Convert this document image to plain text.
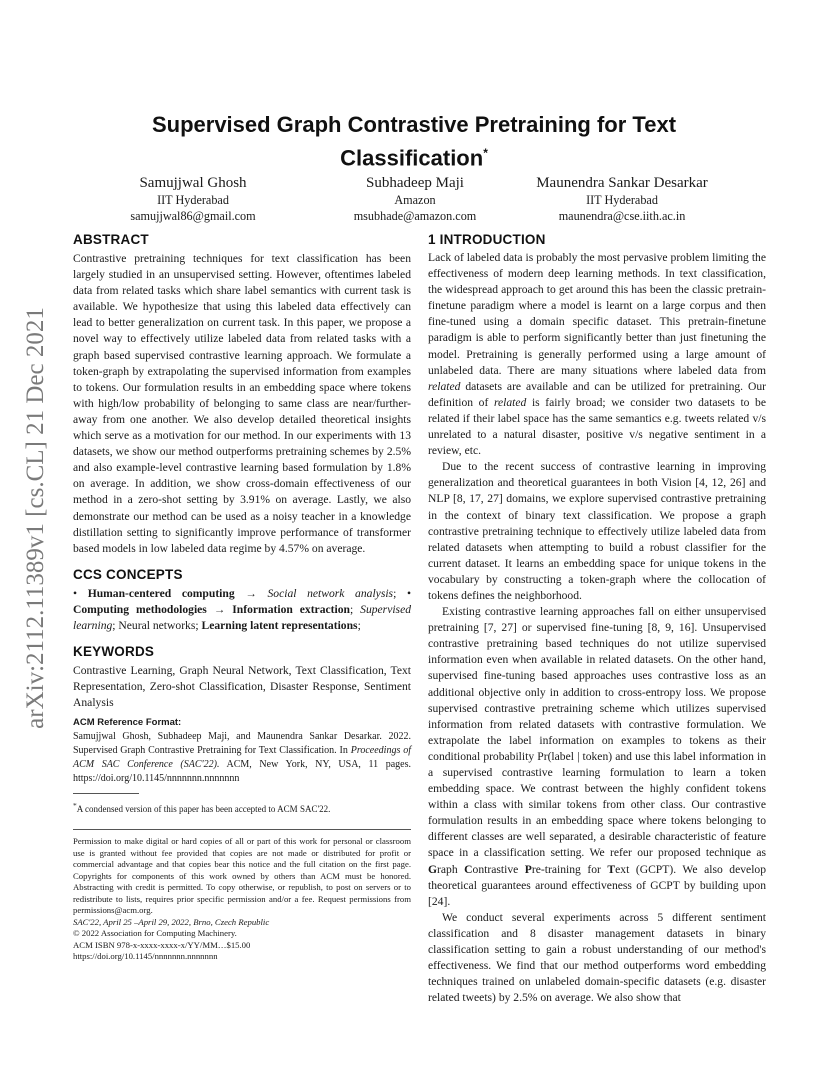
arXiv:2112.11389v1 [cs.CL] 21 Dec 2021
Supervised Graph Contrastive Pretraining for Text Classification*
Samujjwal Ghosh
IIT Hyderabad
samujjwal86@gmail.com
Subhadeep Maji
Amazon
msubhade@amazon.com
Maunendra Sankar Desarkar
IIT Hyderabad
maunendra@cse.iith.ac.in
ABSTRACT

Contrastive pretraining techniques for text classification has been largely studied in an unsupervised setting. However, oftentimes labeled data from related tasks which share label semantics with current task is available. We hypothesize that using this labeled data effectively can lead to better generalization on current task. In this paper, we propose a novel way to effectively utilize labeled data from related tasks with a graph based supervised contrastive learning approach. We formulate a token-graph by extrapolating the supervised information from examples to tokens. Our formulation results in an embedding space where tokens with high/low probability of belonging to same class are near/further-away from one another. We also develop detailed theoretical insights which serve as a motivation for our method. In our experiments with 13 datasets, we show our method outperforms pretraining schemes by 2.5% and also example-level contrastive learning based formulation by 1.8% on average. In addition, we show cross-domain effectiveness of our method in a zero-shot setting by 3.91% on average. Lastly, we also demonstrate our method can be used as a noisy teacher in a knowledge distillation setting to significantly improve performance of transformer based models in low labeled data regime by 4.57% on average.

CCS CONCEPTS

• Human-centered computing → Social network analysis; • Computing methodologies → Information extraction; Supervised learning; Neural networks; Learning latent representations;

KEYWORDS

Contrastive Learning, Graph Neural Network, Text Classification, Text Representation, Zero-shot Classification, Disaster Response, Sentiment Analysis

ACM Reference Format:

Samujjwal Ghosh, Subhadeep Maji, and Maunendra Sankar Desarkar. 2022. Supervised Graph Contrastive Pretraining for Text Classification. In Proceedings of ACM SAC Conference (SAC'22). ACM, New York, NY, USA, 11 pages. https://doi.org/10.1145/nnnnnnn.nnnnnnn

*A condensed version of this paper has been accepted to ACM SAC'22.

Permission to make digital or hard copies of all or part of this work for personal or classroom use is granted without fee provided that copies are not made or distributed for profit or commercial advantage and that copies bear this notice and the full citation on the first page. Copyrights for components of this work owned by others than ACM must be honored. Abstracting with credit is permitted. To copy otherwise, or republish, to post on servers or to redistribute to lists, requires prior specific permission and/or a fee. Request permissions from permissions@acm.org.

SAC'22, April 25 –April 29, 2022, Brno, Czech Republic

© 2022 Association for Computing Machinery.

ACM ISBN 978-x-xxxx-xxxx-x/YY/MM…$15.00

https://doi.org/10.1145/nnnnnnn.nnnnnnn

1 INTRODUCTION

Lack of labeled data is probably the most pervasive problem limiting the effectiveness of modern deep learning methods. In text classification, the widespread approach to get around this has been the classic pretrain-finetune paradigm where a model is learnt on a large corpus and then fine-tuned using a domain specific dataset. This pretrain-finetune paradigm is able to perform significantly better than just finetuning the model. Pretraining is generally performed using a large amount of unlabeled data. There are many situations where labeled data from related datasets are available and can be utilized for pretraining. Our definition of related is fairly broad; we consider two datasets to be related if their label space has the same semantics e.g. tweets related v/s unrelated to a natural disaster, positive v/s negative sentiment in a review, etc.

Due to the recent success of contrastive learning in improving generalization and theoretical guarantees in both Vision [4, 12, 26] and NLP [8, 17, 27] domains, we explore supervised contrastive pretraining in the context of binary text classification. We propose a graph contrastive pretraining technique to effectively utilize labeled data from related datasets when attempting to build a robust classifier for the current dataset. It learns an embedding space for unique tokens in the vocabulary by constructing a token-graph where the collocation of tokens defines the neighborhood.

Existing contrastive learning approaches fall on either unsupervised pretraining [7, 27] or supervised fine-tuning [8, 9, 16]. Unsupervised contrastive pretraining based techniques do not utilize supervised information even when available in related datasets. On the other hand, supervised fine-tuning based approaches uses contrastive loss as an additional objective only in addition to cross-entropy loss. We propose supervised contrastive pretraining scheme which utilizes supervised information from related datasets with contrastive formulation. We extrapolate the label information on examples to tokens as their conditional probability Pr(label | token) and use this label information in a supervised contrastive learning formulation to learn a token embedding space. We contrast between the highly confident tokens within a class with similar tokens from other class. Our contrastive formulation results in an embedding space where tokens belonging to different classes are well separated, a desirable characteristic of feature space in a classification setting. We refer our proposed technique as Graph Contrastive Pre-training for Text (GCPT). We also develop theoretical guarantees around effectiveness of GCPT by building upon [24].

We conduct several experiments across 5 different sentiment classification and 8 disaster management datasets in binary classification setting to gain a robust understanding of our method's effectiveness. We find that our method outperforms word embedding techniques trained on unlabeled domain-specific datasets (e.g. disaster related tweets) by 2.5% on average. We also show that
